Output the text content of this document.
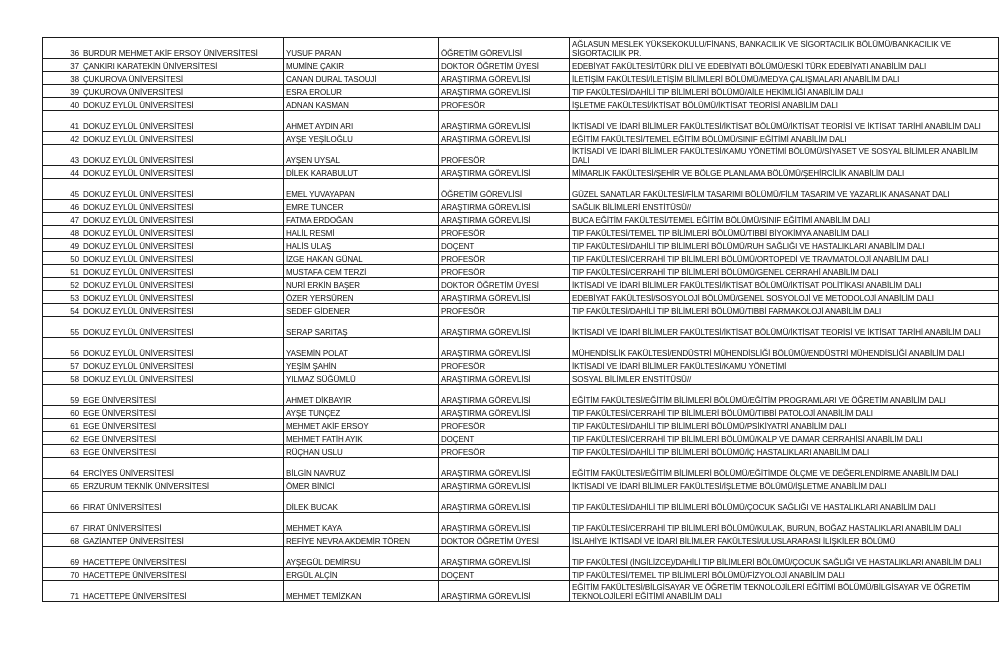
36	BURDUR MEHMET AKİF ERSOY ÜNİVERSİTESİ	YUSUF PARAN	ÖĞRETİM GÖREVLİSİ	AĞLASUN MESLEK YÜKSEKOKULU/FİNANS, BANKACILIK VE SİGORTACILIK BÖLÜMÜ/BANKACILIK VE SİGORTACILIK PR.
37	ÇANKIRI KARATEKİN ÜNİVERSİTESİ	MUMİNE ÇAKIR	DOKTOR ÖĞRETİM ÜYESİ	EDEBİYAT FAKÜLTESİ/TÜRK DİLİ VE EDEBİYATI BÖLÜMÜ/ESKİ TÜRK EDEBİYATI ANABİLİM DALI
38	ÇUKUROVA ÜNİVERSİTESİ	CANAN DURAL TASOUJİ	ARAŞTIRMA GÖREVLİSİ	İLETİŞİM FAKÜLTESİ/İLETİŞİM BİLİMLERİ BÖLÜMÜ/MEDYA ÇALIŞMALARI ANABİLİM DALI
39	ÇUKUROVA ÜNİVERSİTESİ	ESRA EROLUR	ARAŞTIRMA GÖREVLİSİ	TIP FAKÜLTESİ/DAHİLİ TIP BİLİMLERİ BÖLÜMÜ/AİLE HEKİMLİĞİ ANABİLİM DALI
40	DOKUZ EYLÜL ÜNİVERSİTESİ	ADNAN KASMAN	PROFESÖR	İŞLETME FAKÜLTESİ/İKTİSAT BÖLÜMÜ/İKTİSAT TEORİSİ ANABİLİM DALI
41	DOKUZ EYLÜL ÜNİVERSİTESİ	AHMET AYDIN ARI	ARAŞTIRMA GÖREVLİSİ	İKTİSADİ VE İDARİ BİLİMLER FAKÜLTESİ/İKTİSAT BÖLÜMÜ/İKTİSAT TEORİSİ VE İKTİSAT TARİHİ ANABİLİM DALI
42	DOKUZ EYLÜL ÜNİVERSİTESİ	AYŞE YEŞİLOĞLU	ARAŞTIRMA GÖREVLİSİ	EĞİTİM FAKÜLTESİ/TEMEL EĞİTİM BÖLÜMÜ/SINIF EĞİTİMİ ANABİLİM DALI
43	DOKUZ EYLÜL ÜNİVERSİTESİ	AYŞEN UYSAL	PROFESÖR	İKTİSADİ VE İDARİ BİLİMLER FAKÜLTESİ/KAMU YÖNETİMİ BÖLÜMÜ/SİYASET VE SOSYAL BİLİMLER ANABİLİM DALI
44	DOKUZ EYLÜL ÜNİVERSİTESİ	DİLEK KARABULUT	ARAŞTIRMA GÖREVLİSİ	MİMARLIK FAKÜLTESİ/ŞEHİR VE BÖLGE PLANLAMA BÖLÜMÜ/ŞEHİRCİLİK ANABİLİM DALI
45	DOKUZ EYLÜL ÜNİVERSİTESİ	EMEL YUVAYAPAN	ÖĞRETİM GÖREVLİSİ	GÜZEL SANATLAR FAKÜLTESİ/FİLM TASARIMI BÖLÜMÜ/FİLM TASARIM VE YAZARLIK ANASANAT DALI
46	DOKUZ EYLÜL ÜNİVERSİTESİ	EMRE TUNCER	ARAŞTIRMA GÖREVLİSİ	SAĞLIK BİLİMLERİ ENSTİTÜSÜ//
47	DOKUZ EYLÜL ÜNİVERSİTESİ	FATMA ERDOĞAN	ARAŞTIRMA GÖREVLİSİ	BUCA EĞİTİM FAKÜLTESİ/TEMEL EĞİTİM BÖLÜMÜ/SINIF EĞİTİMİ ANABİLİM DALI
48	DOKUZ EYLÜL ÜNİVERSİTESİ	HALİL RESMİ	PROFESÖR	TIP FAKÜLTESİ/TEMEL TIP BİLİMLERİ BÖLÜMÜ/TIBBİ BİYOKİMYA ANABİLİM DALI
49	DOKUZ EYLÜL ÜNİVERSİTESİ	HALİS ULAŞ	DOÇENT	TIP FAKÜLTESİ/DAHİLİ TIP BİLİMLERİ BÖLÜMÜ/RUH SAĞLIĞI VE HASTALIKLARI ANABİLİM DALI
50	DOKUZ EYLÜL ÜNİVERSİTESİ	İZGE HAKAN GÜNAL	PROFESÖR	TIP FAKÜLTESİ/CERRAHİ TIP BİLİMLERİ BÖLÜMÜ/ORTOPEDİ VE TRAVMATOLOJİ ANABİLİM DALI
51	DOKUZ EYLÜL ÜNİVERSİTESİ	MUSTAFA CEM TERZİ	PROFESÖR	TIP FAKÜLTESİ/CERRAHİ TIP BİLİMLERİ BÖLÜMÜ/GENEL CERRAHİ ANABİLİM DALI
52	DOKUZ EYLÜL ÜNİVERSİTESİ	NURİ ERKİN BAŞER	DOKTOR ÖĞRETİM ÜYESİ	İKTİSADİ VE İDARİ BİLİMLER FAKÜLTESİ/İKTİSAT BÖLÜMÜ/İKTİSAT POLİTİKASI ANABİLİM DALI
53	DOKUZ EYLÜL ÜNİVERSİTESİ	ÖZER YERSÜREN	ARAŞTIRMA GÖREVLİSİ	EDEBİYAT FAKÜLTESİ/SOSYOLOJİ BÖLÜMÜ/GENEL SOSYOLOJİ VE METODOLOJİ ANABİLİM DALI
54	DOKUZ EYLÜL ÜNİVERSİTESİ	SEDEF GİDENER	PROFESÖR	TIP FAKÜLTESİ/DAHİLİ TIP BİLİMLERİ BÖLÜMÜ/TIBBİ FARMAKOLOJİ ANABİLİM DALI
55	DOKUZ EYLÜL ÜNİVERSİTESİ	SERAP SARITAŞ	ARAŞTIRMA GÖREVLİSİ	İKTİSADİ VE İDARİ BİLİMLER FAKÜLTESİ/İKTİSAT BÖLÜMÜ/İKTİSAT TEORİSİ VE İKTİSAT TARİHİ ANABİLİM DALI
56	DOKUZ EYLÜL ÜNİVERSİTESİ	YASEMİN POLAT	ARAŞTIRMA GÖREVLİSİ	MÜHENDİSLİK FAKÜLTESİ/ENDÜSTRİ MÜHENDİSLİĞİ BÖLÜMÜ/ENDÜSTRİ MÜHENDİSLİĞİ ANABİLİM DALI
57	DOKUZ EYLÜL ÜNİVERSİTESİ	YEŞİM ŞAHİN	PROFESÖR	İKTİSADİ VE İDARİ BİLİMLER FAKÜLTESİ/KAMU YÖNETİMİ
58	DOKUZ EYLÜL ÜNİVERSİTESİ	YILMAZ SÜĞÜMLÜ	ARAŞTIRMA GÖREVLİSİ	SOSYAL BİLİMLER ENSTİTÜSÜ//
59	EGE ÜNİVERSİTESİ	AHMET DİKBAYIR	ARAŞTIRMA GÖREVLİSİ	EĞİTİM FAKÜLTESİ/EĞİTİM BİLİMLERİ BÖLÜMÜ/EĞİTİM PROGRAMLARI VE ÖĞRETİM ANABİLİM DALI
60	EGE ÜNİVERSİTESİ	AYŞE TUNÇEZ	ARAŞTIRMA GÖREVLİSİ	TIP FAKÜLTESİ/CERRAHİ TIP BİLİMLERİ BÖLÜMÜ/TIBBİ PATOLOJİ ANABİLİM DALI
61	EGE ÜNİVERSİTESİ	MEHMET AKİF ERSOY	PROFESÖR	TIP FAKÜLTESİ/DAHİLİ TIP BİLİMLERİ BÖLÜMÜ/PSİKİYATRİ ANABİLİM DALI
62	EGE ÜNİVERSİTESİ	MEHMET FATİH AYIK	DOÇENT	TIP FAKÜLTESİ/CERRAHİ TIP BİLİMLERİ BÖLÜMÜ/KALP VE DAMAR CERRAHİSİ ANABİLİM DALI
63	EGE ÜNİVERSİTESİ	RÜÇHAN USLU	PROFESÖR	TIP FAKÜLTESİ/DAHİLİ TIP BİLİMLERİ BÖLÜMÜ/İÇ HASTALIKLARI ANABİLİM DALI
64	ERCİYES ÜNİVERSİTESİ	BİLGİN NAVRUZ	ARAŞTIRMA GÖREVLİSİ	EĞİTİM FAKÜLTESİ/EĞİTİM BİLİMLERİ BÖLÜMÜ/EĞİTİMDE ÖLÇME VE DEĞERLENDİRME ANABİLİM DALI
65	ERZURUM TEKNİK ÜNİVERSİTESİ	ÖMER BİNİCİ	ARAŞTIRMA GÖREVLİSİ	İKTİSADİ VE İDARİ BİLİMLER FAKÜLTESİ/İŞLETME BÖLÜMÜ/İŞLETME ANABİLİM DALI
66	FIRAT ÜNİVERSİTESİ	DİLEK BUCAK	ARAŞTIRMA GÖREVLİSİ	TIP FAKÜLTESİ/DAHİLİ TIP BİLİMLERİ BÖLÜMÜ/ÇOCUK SAĞLIĞI VE HASTALIKLARI ANABİLİM DALI
67	FIRAT ÜNİVERSİTESİ	MEHMET KAYA	ARAŞTIRMA GÖREVLİSİ	TIP FAKÜLTESİ/CERRAHİ TIP BİLİMLERİ BÖLÜMÜ/KULAK, BURUN, BOĞAZ HASTALIKLARI ANABİLİM DALI
68	GAZİANTEP ÜNİVERSİTESİ	REFİYE NEVRA AKDEMİR TÖREN	DOKTOR ÖĞRETİM ÜYESİ	İSLAHİYE İKTİSADİ VE İDARİ BİLİMLER FAKÜLTESİ/ULUSLARARASI İLİŞKİLER BÖLÜMÜ
69	HACETTEPE ÜNİVERSİTESİ	AYŞEGÜL DEMİRSU	ARAŞTIRMA GÖREVLİSİ	TIP FAKÜLTESİ (İNGİLİZCE)/DAHİLİ TIP BİLİMLERİ BÖLÜMÜ/ÇOCUK SAĞLIĞI VE HASTALIKLARI ANABİLİM DALI
70	HACETTEPE ÜNİVERSİTESİ	ERGÜL ALÇİN	DOÇENT	TIP FAKÜLTESİ/TEMEL TIP BİLİMLERİ BÖLÜMÜ/FİZYOLOJİ ANABİLİM DALI
71	HACETTEPE ÜNİVERSİTESİ	MEHMET TEMİZKAN	ARAŞTIRMA GÖREVLİSİ	EĞİTİM FAKÜLTESİ/BİLGİSAYAR VE ÖĞRETİM TEKNOLOJİLERİ EĞİTİMİ BÖLÜMÜ/BİLGİSAYAR VE ÖĞRETİM TEKNOLOJİLERİ EĞİTİMİ ANABİLİM DALI
